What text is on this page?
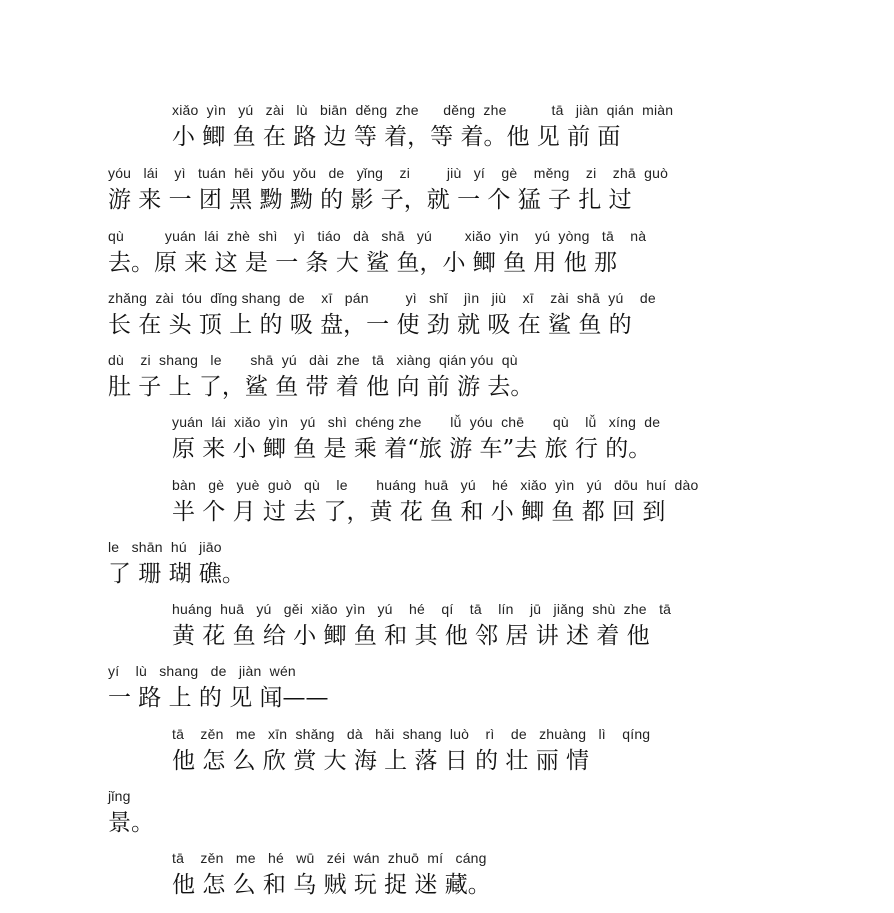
xiǎo  yìn   yú   zài   lù   biān  děng  zhe      děng  zhe           tā   jiàn  qián  miàn
小 鲫 鱼 在 路 边 等 着，等 着。他 见 前 面
yóu   lái    yì   tuán  hēi  yǒu  yǒu   de   yǐng    zi         jiù   yí    gè    měng    zi    zhā  guò
游 来 一 团 黑 黝 黝 的 影 子，就 一 个 猛 子 扎 过
qù          yuán  lái  zhè  shì    yì   tiáo   dà   shā   yú        xiǎo  yìn    yú  yòng   tā    nà
去。原 来 这 是 一 条 大 鲨 鱼，小 鲫 鱼 用 他 那
zhǎng  zài  tóu  dǐng shang  de    xī   pán         yì   shǐ    jìn   jiù    xī    zài  shā  yú    de
长 在 头 顶 上 的 吸 盘，一 使 劲 就 吸 在 鲨 鱼 的
dù    zi  shang   le       shā  yú   dài  zhe   tā   xiàng  qián yóu  qù
肚 子 上 了，鲨 鱼 带 着 他 向 前 游 去。
yuán  lái  xiǎo  yìn   yú   shì  chéng zhe       lǚ  yóu  chē       qù    lǚ   xíng  de
原 来 小 鲫 鱼 是 乘 着“旅 游 车”去 旅 行 的。
bàn   gè   yuè  guò   qù    le       huáng  huā   yú    hé   xiǎo  yìn   yú   dōu  huí  dào
半 个 月 过 去 了，黄 花 鱼 和 小 鲫 鱼 都 回 到
le   shān  hú   jiāo
了 珊 瑚 礁。
huáng  huā   yú   gěi  xiǎo  yìn   yú    hé    qí    tā    lín    jū   jiǎng  shù  zhe   tā
黄 花 鱼 给 小 鲫 鱼 和 其 他 邻 居 讲 述 着 他
yí    lù   shang   de   jiàn  wén
一 路 上 的 见 闻——
tā    zěn   me   xīn  shǎng   dà   hǎi  shang  luò    rì    de   zhuàng   lì    qíng
他 怎 么 欣 赏 大 海 上 落 日 的 壮 丽 情
jǐng
景。
tā    zěn   me   hé   wū   zéi  wán  zhuō  mí   cáng
他 怎 么 和 乌 贼 玩 捉 迷 藏。
